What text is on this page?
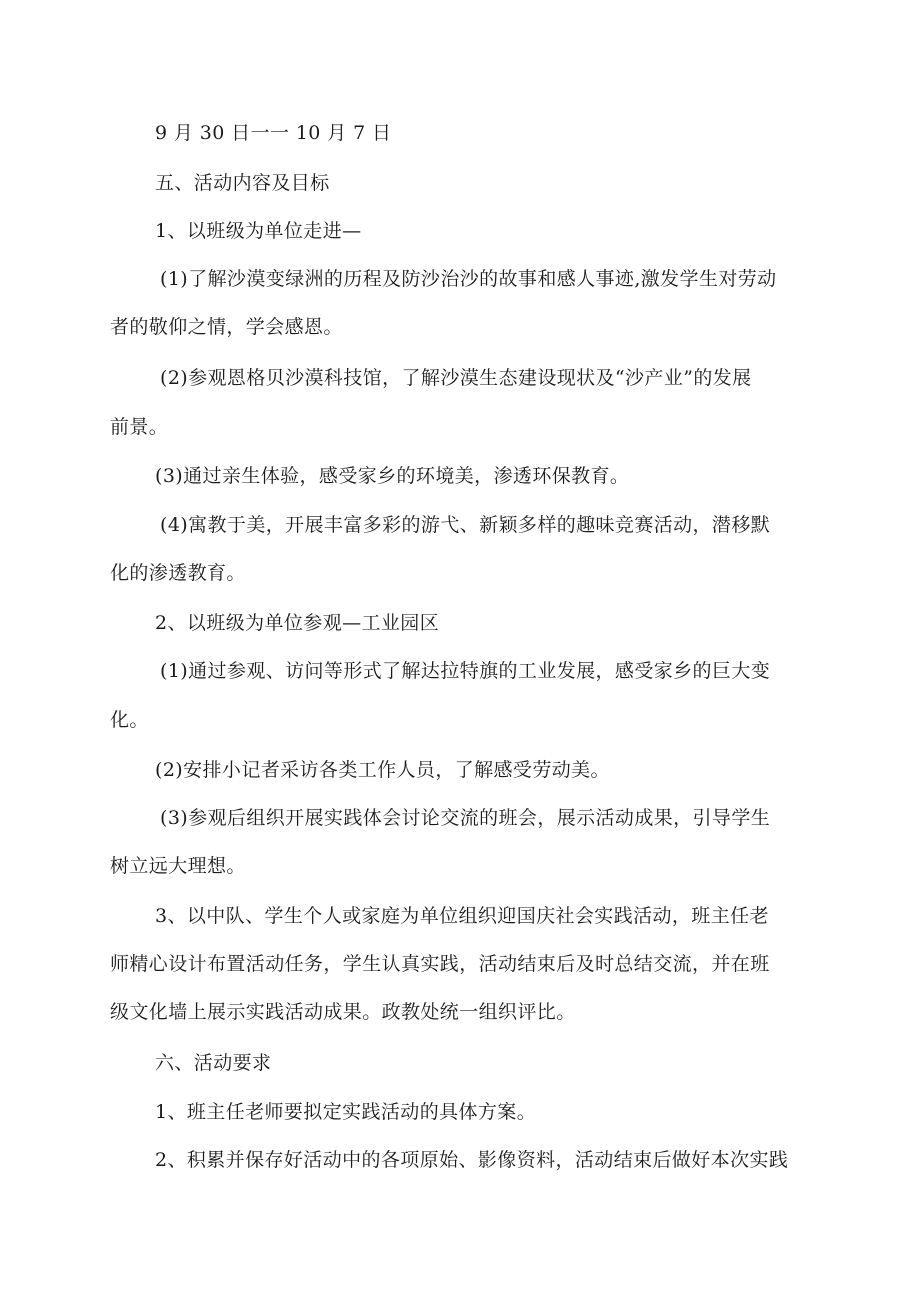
9 月 30 日一一 10 月 7 日
五、活动内容及目标
1、以班级为单位走进—
(1)了解沙漠变绿洲的历程及防沙治沙的故事和感人事迹,激发学生对劳动
者的敬仰之情，学会感恩。
(2)参观恩格贝沙漠科技馆，了解沙漠生态建设现状及“沙产业”的发展
前景。
(3)通过亲生体验，感受家乡的环境美，渗透环保教育。
(4)寓教于美，开展丰富多彩的游弋、新颖多样的趣味竞赛活动，潜移默
化的渗透教育。
2、以班级为单位参观—工业园区
(1)通过参观、访问等形式了解达拉特旗的工业发展，感受家乡的巨大变
化。
(2)安排小记者采访各类工作人员，了解感受劳动美。
(3)参观后组织开展实践体会讨论交流的班会，展示活动成果，引导学生
树立远大理想。
3、以中队、学生个人或家庭为单位组织迎国庆社会实践活动，班主任老
师精心设计布置活动任务，学生认真实践，活动结束后及时总结交流，并在班
级文化墙上展示实践活动成果。政教处统一组织评比。
六、活动要求
1、班主任老师要拟定实践活动的具体方案。
2、积累并保存好活动中的各项原始、影像资料，活动结束后做好本次实践
